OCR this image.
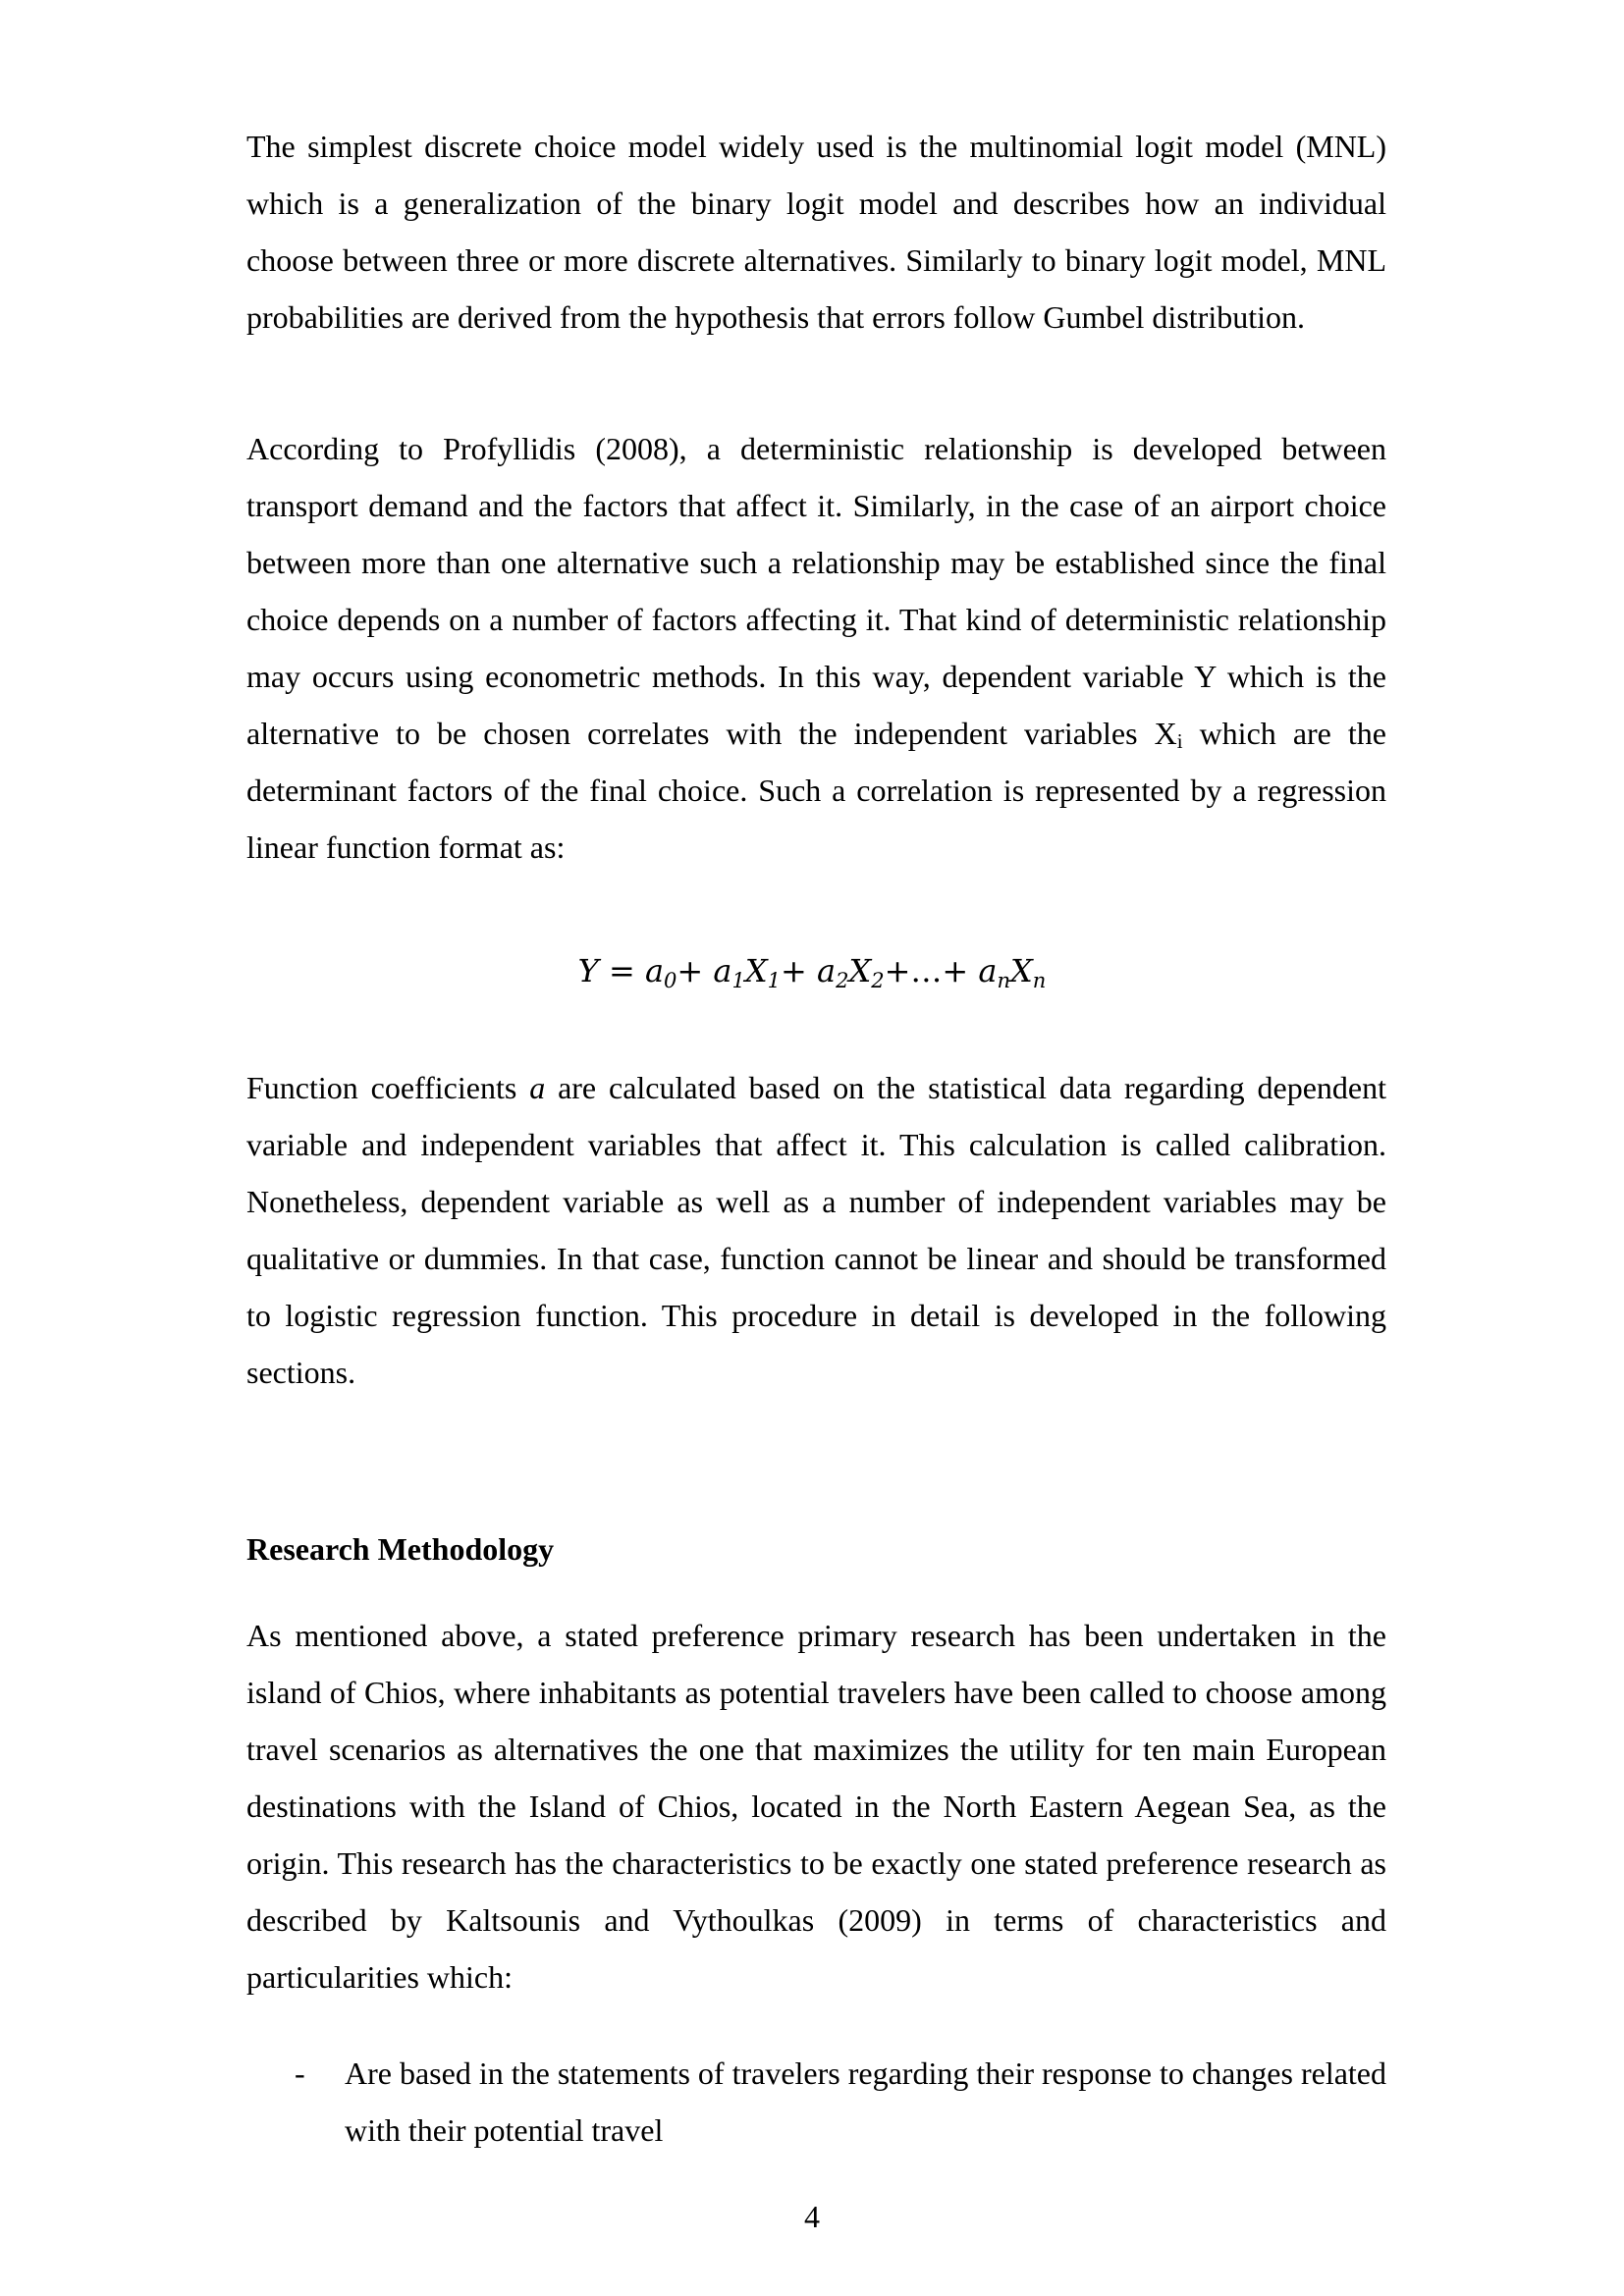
The simplest discrete choice model widely used is the multinomial logit model (MNL) which is a generalization of the binary logit model and describes how an individual choose between three or more discrete alternatives. Similarly to binary logit model, MNL probabilities are derived from the hypothesis that errors follow Gumbel distribution.

According to Profyllidis (2008), a deterministic relationship is developed between transport demand and the factors that affect it. Similarly, in the case of an airport choice between more than one alternative such a relationship may be established since the final choice depends on a number of factors affecting it. That kind of deterministic relationship may occurs using econometric methods. In this way, dependent variable Y which is the alternative to be chosen correlates with the independent variables $X_i$ which are the determinant factors of the final choice. Such a correlation is represented by a regression linear function format as:

$Y = a_0+ a_1X_1+$ $a_2X_2+\dots+ a_nX_n$

Function coefficients a are calculated based on the statistical data regarding dependent variable and independent variables that affect it. This calculation is called calibration. Nonetheless, dependent variable as well as a number of independent variables may be qualitative or dummies. In that case, function cannot be linear and should be transformed to logistic regression function. This procedure in detail is developed in the following sections.

Research Methodology

As mentioned above, a stated preference primary research has been undertaken in the island of Chios, where inhabitants as potential travelers have been called to choose among travel scenarios as alternatives the one that maximizes the utility for ten main European destinations with the Island of Chios, located in the North Eastern Aegean Sea, as the origin. This research has the characteristics to be exactly one stated preference research as described by Kaltsounis and Vythoulkas (2009) in terms of characteristics and particularities which:

- Are based in the statements of travelers regarding their response to changes related with their potential travel
4
